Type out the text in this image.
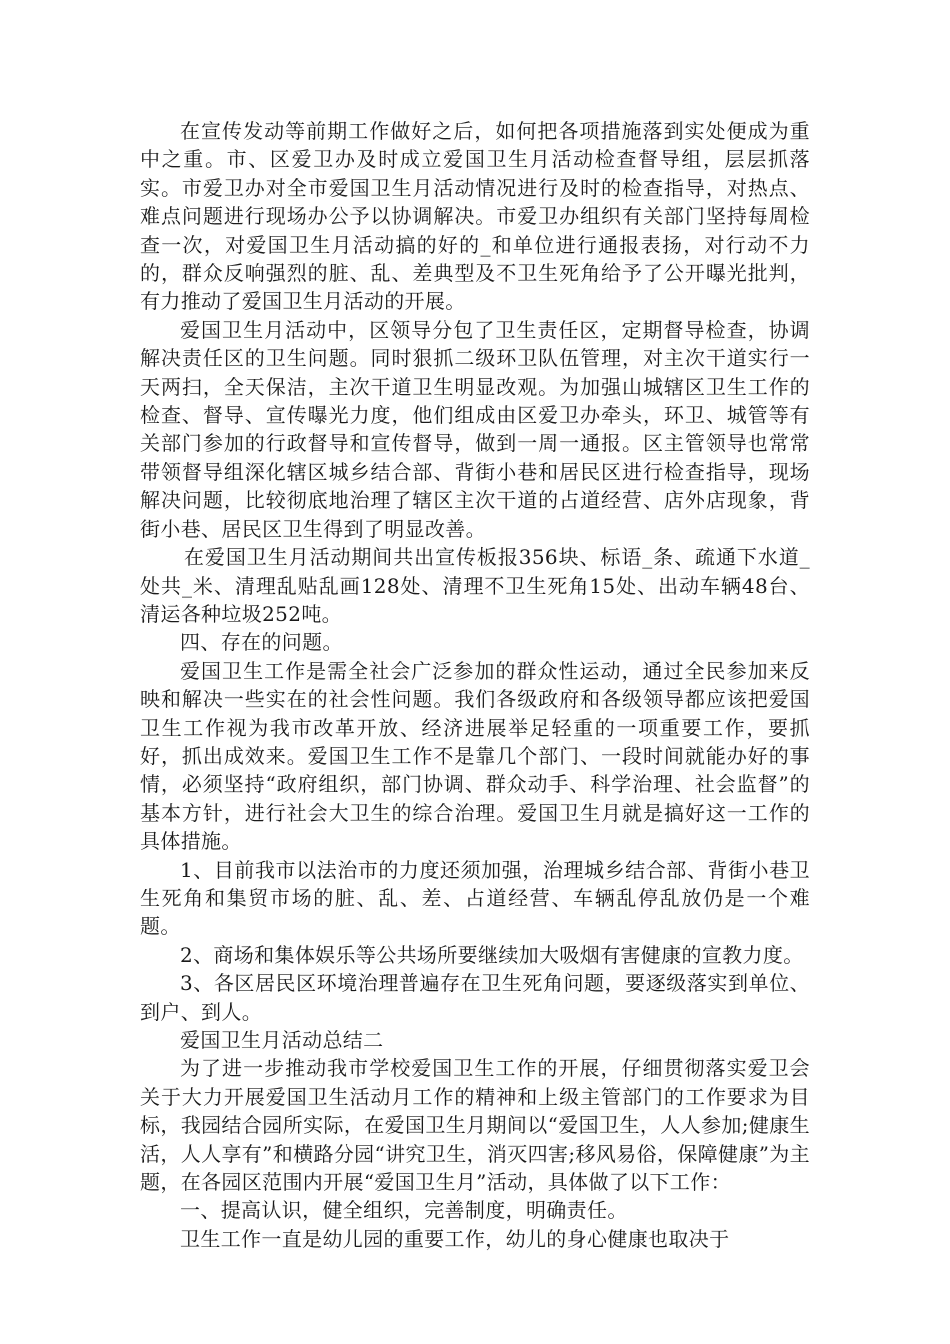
在宣传发动等前期工作做好之后，如何把各项措施落到实处便成为重中之重。市、区爱卫办及时成立爱国卫生月活动检查督导组，层层抓落实。市爱卫办对全市爱国卫生月活动情况进行及时的检查指导，对热点、难点问题进行现场办公予以协调解决。市爱卫办组织有关部门坚持每周检查一次，对爱国卫生月活动搞的好的_和单位进行通报表扬，对行动不力的，群众反响强烈的脏、乱、差典型及不卫生死角给予了公开曝光批判，有力推动了爱国卫生月活动的开展。

爱国卫生月活动中，区领导分包了卫生责任区，定期督导检查，协调解决责任区的卫生问题。同时狠抓二级环卫队伍管理，对主次干道实行一天两扫，全天保洁，主次干道卫生明显改观。为加强山城辖区卫生工作的检查、督导、宣传曝光力度，他们组成由区爱卫办牵头，环卫、城管等有关部门参加的行政督导和宣传督导，做到一周一通报。区主管领导也常常带领督导组深化辖区城乡结合部、背街小巷和居民区进行检查指导，现场解决问题，比较彻底地治理了辖区主次干道的占道经营、店外店现象，背街小巷、居民区卫生得到了明显改善。

在爱国卫生月活动期间共出宣传板报356块、标语_条、疏通下水道_处共_米、清理乱贴乱画128处、清理不卫生死角15处、出动车辆48台、清运各种垃圾252吨。

四、存在的问题。

爱国卫生工作是需全社会广泛参加的群众性运动，通过全民参加来反映和解决一些实在的社会性问题。我们各级政府和各级领导都应该把爱国卫生工作视为我市改革开放、经济进展举足轻重的一项重要工作，要抓好，抓出成效来。爱国卫生工作不是靠几个部门、一段时间就能办好的事情，必须坚持“政府组织，部门协调、群众动手、科学治理、社会监督”的基本方针，进行社会大卫生的综合治理。爱国卫生月就是搞好这一工作的具体措施。

1、目前我市以法治市的力度还须加强，治理城乡结合部、背街小巷卫生死角和集贸市场的脏、乱、差、占道经营、车辆乱停乱放仍是一个难题。

2、商场和集体娱乐等公共场所要继续加大吸烟有害健康的宣教力度。

3、各区居民区环境治理普遍存在卫生死角问题，要逐级落实到单位、到户、到人。

爱国卫生月活动总结二

为了进一步推动我市学校爱国卫生工作的开展，仔细贯彻落实爱卫会关于大力开展爱国卫生活动月工作的精神和上级主管部门的工作要求为目标，我园结合园所实际，在爱国卫生月期间以“爱国卫生，人人参加;健康生活，人人享有”和横路分园“讲究卫生，消灭四害;移风易俗，保障健康”为主题，在各园区范围内开展“爱国卫生月”活动，具体做了以下工作：

一、提高认识，健全组织，完善制度，明确责任。

卫生工作一直是幼儿园的重要工作，幼儿的身心健康也取决于
